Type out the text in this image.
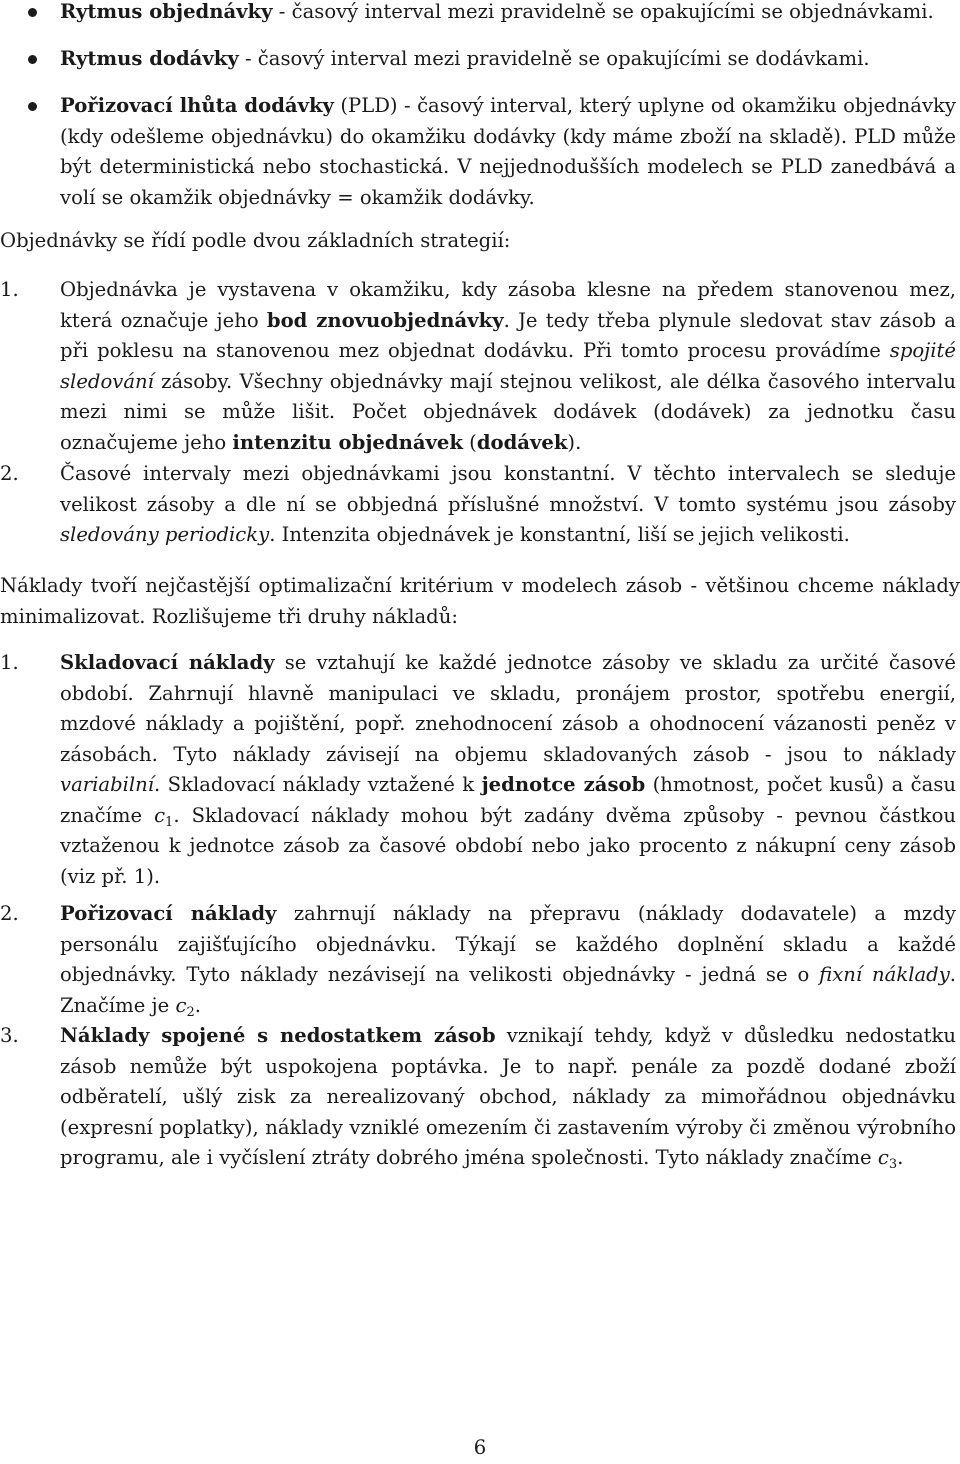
Rytmus objednávky - časový interval mezi pravidelně se opakujícími se objednávkami.

Rytmus dodávky - časový interval mezi pravidelně se opakujícími se dodávkami.

Pořizovací lhůta dodávky (PLD) - časový interval, který uplyne od okamžiku objednávky (kdy odešleme objednávku) do okamžiku dodávky (kdy máme zboží na skladě). PLD může být deterministická nebo stochastická. V nejjednodušších modelech se PLD zanedbává a volí se okamžik objednávky = okamžik dodávky.

Objednávky se řídí podle dvou základních strategií:

1. Objednávka je vystavena v okamžiku, kdy zásoba klesne na předem stanovenou mez, která označuje jeho bod znovuobjednávky. Je tedy třeba plynule sledovat stav zásob a při poklesu na stanovenou mez objednat dodávku. Při tomto procesu provádíme spojité sledování zásoby. Všechny objednávky mají stejnou velikost, ale délka časového intervalu mezi nimi se může lišit. Počet objednávek dodávek (dodávek) za jednotku času označujeme jeho intenzitu objednávek (dodávek).

2. Časové intervaly mezi objednávkami jsou konstantní. V těchto intervalech se sleduje velikost zásoby a dle ní se obbjedná příslušné množství. V tomto systému jsou zásoby sledovány periodicky. Intenzita objednávek je konstantní, liší se jejich velikosti.

Náklady tvoří nejčastější optimalizační kritérium v modelech zásob - většinou chceme náklady minimalizovat. Rozlišujeme tři druhy nákladů:

1. Skladovací náklady se vztahují ke každé jednotce zásoby ve skladu za určité časové období. Zahrnují hlavně manipulaci ve skladu, pronájem prostor, spotřebu energií, mzdové náklady a pojištění, popř. znehodnocení zásob a ohodnocení vázanosti peněz v zásobách. Tyto náklady závisejí na objemu skladovaných zásob - jsou to náklady variabilní. Skladovací náklady vztažené k jednotce zásob (hmotnost, počet kusů) a času značíme $c_1$. Skladovací náklady mohou být zadány dvěma způsoby - pevnou částkou vztaženou k jednotce zásob za časové období nebo jako procento z nákupní ceny zásob (viz př. 1).

2. Pořizovací náklady zahrnují náklady na přepravu (náklady dodavatele) a mzdy personálu zajišťujícího objednávku. Týkají se každého doplnění skladu a každé objednávky. Tyto náklady nezávisejí na velikosti objednávky - jedná se o fixní náklady. Značíme je $c_2$.

3. Náklady spojené s nedostatkem zásob vznikají tehdy, když v důsledku nedostatku zásob nemůže být uspokojena poptávka. Je to např. penále za pozdě dodané zboží odběratelí, ušlý zisk za nerealizovaný obchod, náklady za mimořádnou objednávku (expresní poplatky), náklady vzniklé omezením či zastavením výroby či změnou výrobního programu, ale i vyčíslení ztráty dobrého jména společnosti. Tyto náklady značíme $c_3$.

6
